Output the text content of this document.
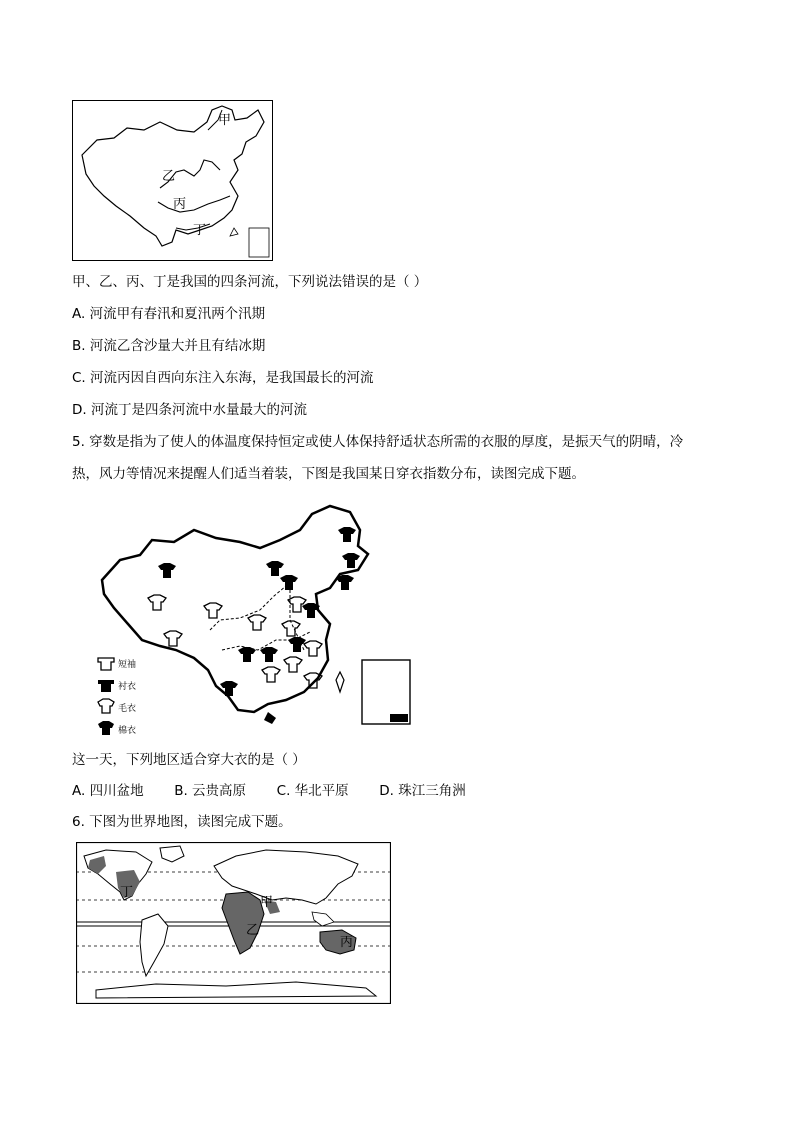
甲
乙
丙
丁
甲、乙、丙、丁是我国的四条河流，下列说法错误的是（ ）
A. 河流甲有春汛和夏汛两个汛期
B. 河流乙含沙量大并且有结冰期
C. 河流丙因自西向东注入东海，是我国最长的河流
D. 河流丁是四条河流中水量最大的河流
5. 穿数是指为了使人的体温度保持恒定或使人体保持舒适状态所需的衣服的厚度，是振天气的阴晴，冷
热，风力等情况来提醒人们适当着装，下图是我国某日穿衣指数分布，读图完成下题。
短袖
衬衣
毛衣
棉衣
这一天，下列地区适合穿大衣的是（ ）
A. 四川盆地 B. 云贵高原 C. 华北平原 D. 珠江三角洲
6. 下图为世界地图，读图完成下题。
丁
甲
乙
丙
